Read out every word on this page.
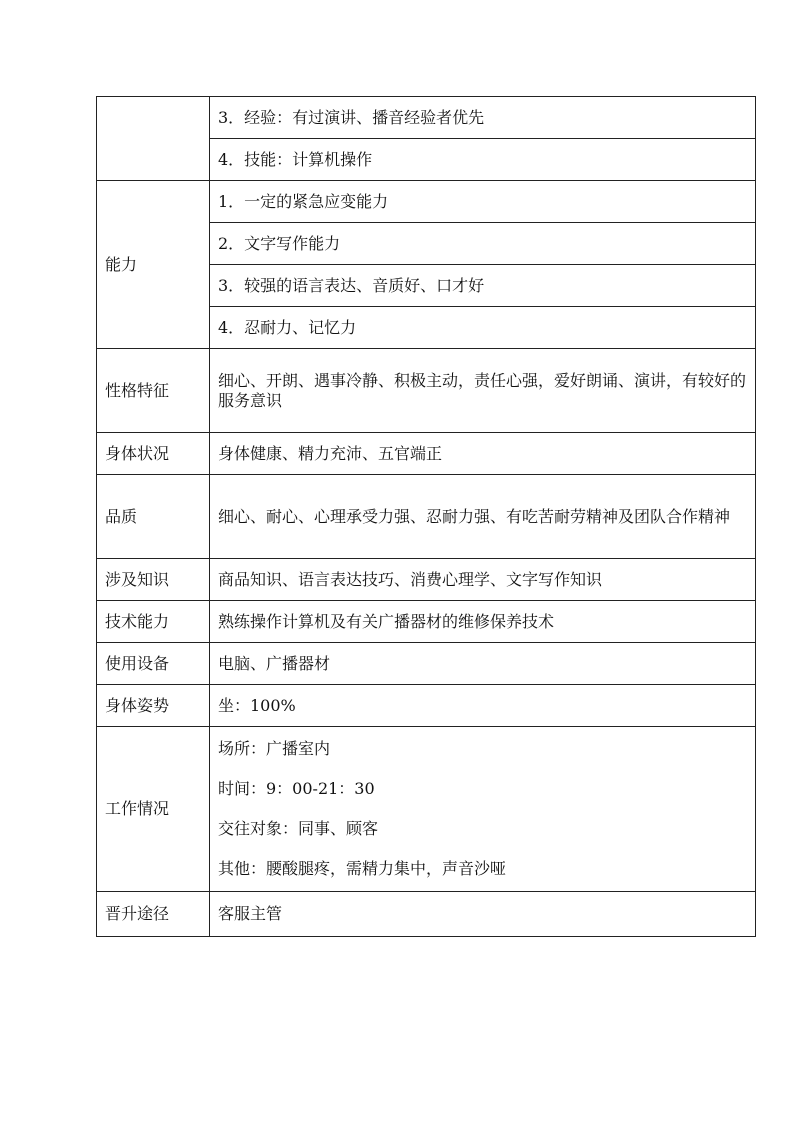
	3．经验：有过演讲、播音经验者优先
	4．技能：计算机操作
能力	1．一定的紧急应变能力
	2．文字写作能力
	3．较强的语言表达、音质好、口才好
	4．忍耐力、记忆力
性格特征	细心、开朗、遇事冷静、积极主动，责任心强，爱好朗诵、演讲，有较好的服务意识
身体状况	身体健康、精力充沛、五官端正
品质	细心、耐心、心理承受力强、忍耐力强、有吃苦耐劳精神及团队合作精神
涉及知识	商品知识、语言表达技巧、消费心理学、文字写作知识
技术能力	熟练操作计算机及有关广播器材的维修保养技术
使用设备	电脑、广播器材
身体姿势	坐：100%
工作情况	场所：广播室内
时间：9：00-21：30
交往对象：同事、顾客
其他：腰酸腿疼，需精力集中，声音沙哑

晋升途径	客服主管
